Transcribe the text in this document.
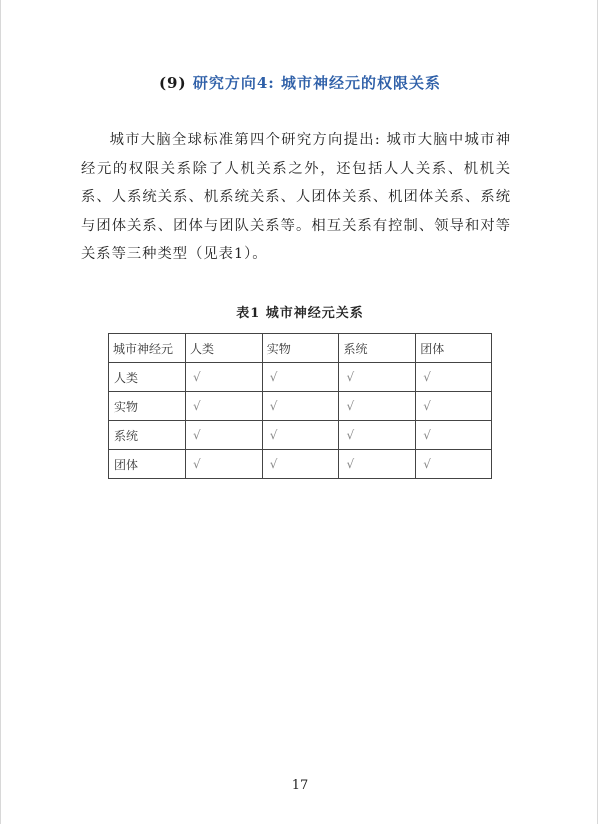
(9) 研究方向4: 城市神经元的权限关系

城市大脑全球标准第四个研究方向提出: 城市大脑中城市神经元的权限关系除了人机关系之外，还包括人人关系、机机关系、人系统关系、机系统关系、人团体关系、机团体关系、系统与团体关系、团体与团队关系等。相互关系有控制、领导和对等关系等三种类型（见表1）。

表1 城市神经元关系
城市神经元	人类	实物	系统	团体
人类	√	√	√	√
实物	√	√	√	√
系统	√	√	√	√
团体	√	√	√	√
17
